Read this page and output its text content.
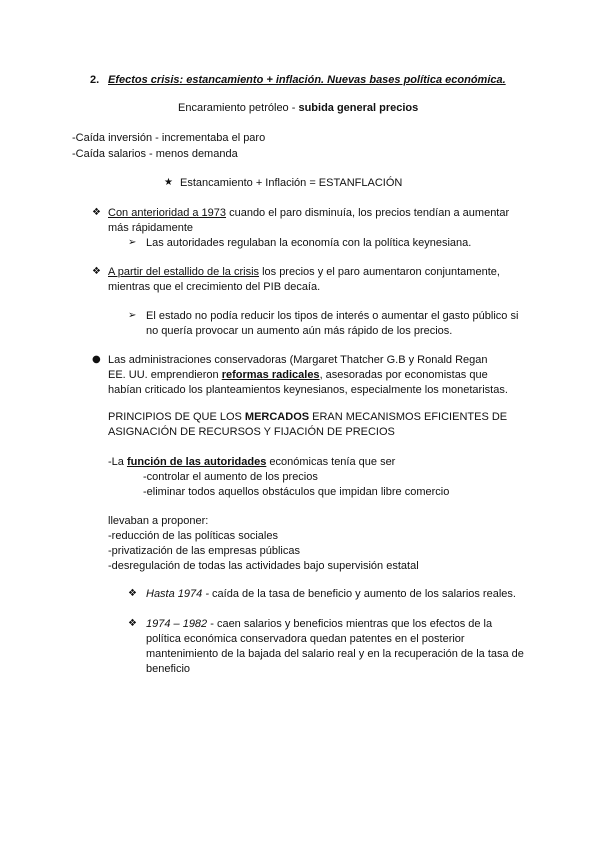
2. Efectos crisis: estancamiento + inflación. Nuevas bases política económica.
Encaramiento petróleo - subida general precios
-Caída inversión - incrementaba el paro
-Caída salarios - menos demanda
★ Estancamiento + Inflación = ESTANFLACIÓN
❖ Con anterioridad a 1973 cuando el paro disminuía, los precios tendían a aumentar
más rápidamente
➢ Las autoridades regulaban la economía con la política keynesiana.
❖ A partir del estallido de la crisis los precios y el paro aumentaron conjuntamente,
mientras que el crecimiento del PIB decaía.
➢ El estado no podía reducir los tipos de interés o aumentar el gasto público si
no quería provocar un aumento aún más rápido de los precios.
● Las administraciones conservadoras (Margaret Thatcher G.B y Ronald Regan
EE. UU. emprendieron reformas radicales, asesoradas por economistas que
habían criticado los planteamientos keynesianos, especialmente los monetaristas.
PRINCIPIOS DE QUE LOS MERCADOS ERAN MECANISMOS EFICIENTES DE
ASIGNACIÓN DE RECURSOS Y FIJACIÓN DE PRECIOS
-La función de las autoridades económicas tenía que ser
-controlar el aumento de los precios
-eliminar todos aquellos obstáculos que impidan libre comercio
llevaban a proponer:
-reducción de las políticas sociales
-privatización de las empresas públicas
-desregulación de todas las actividades bajo supervisión estatal
❖ Hasta 1974 - caída de la tasa de beneficio y aumento de los salarios reales.
❖ 1974 – 1982 - caen salarios y beneficios mientras que los efectos de la
política económica conservadora quedan patentes en el posterior
mantenimiento de la bajada del salario real y en la recuperación de la tasa de
beneficio
